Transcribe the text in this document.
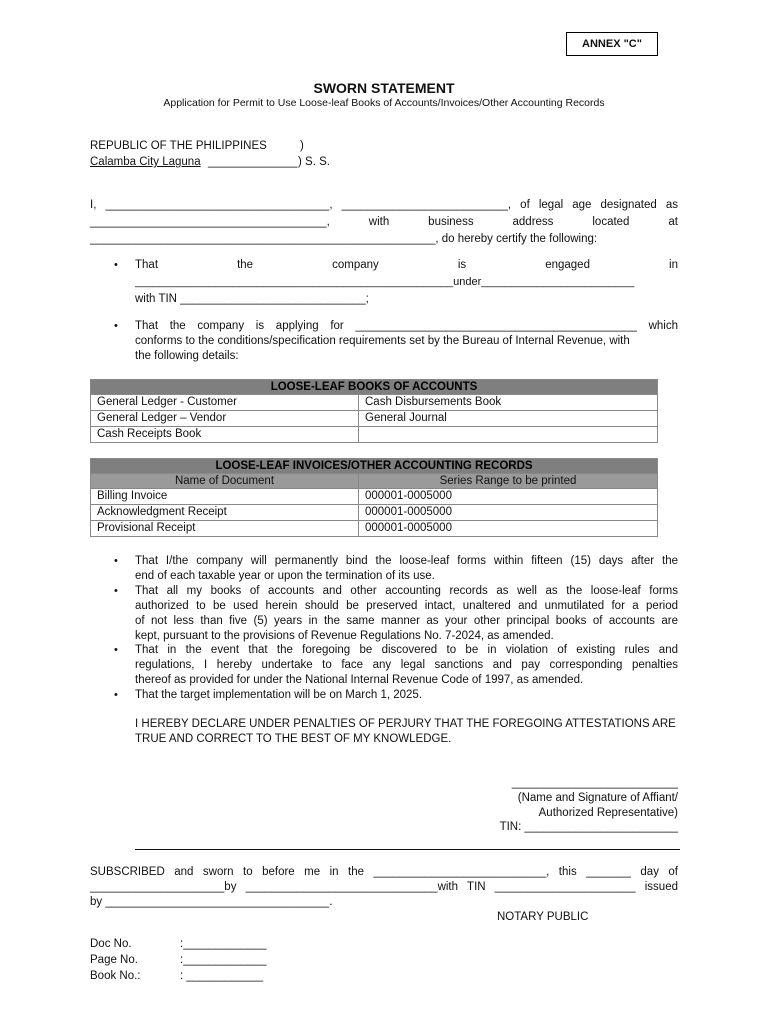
ANNEX "C"
SWORN STATEMENT
Application for Permit to Use Loose-leaf Books of Accounts/Invoices/Other Accounting Records
REPUBLIC OF THE PHILIPPINES	)
Calamba City Laguna ______________ ) S. S.
I, ___________________________________, __________________________, of legal age designated as
_____________________________________, with business address located at
______________________________________________________, do hereby certify the following:
• That the company is engaged in
____________________________________________________under_________________________
with TIN _____________________________;
• That the company is applying for ____________________________________________ which
conforms to the conditions/specification requirements set by the Bureau of Internal Revenue, with
the following details:
LOOSE-LEAF BOOKS OF ACCOUNTS	
General Ledger - Customer	Cash Disbursements Book
General Ledger – Vendor	General Journal
Cash Receipts Book	
LOOSE-LEAF INVOICES/OTHER ACCOUNTING RECORDS	
Name of Document	Series Range to be printed
Billing Invoice	000001-0005000
Acknowledgment Receipt	000001-0005000
Provisional Receipt	000001-0005000
• That I/the company will permanently bind the loose-leaf forms within fifteen (15) days after the
end of each taxable year or upon the termination of its use.
• That all my books of accounts and other accounting records as well as the loose-leaf forms
authorized to be used herein should be preserved intact, unaltered and unmutilated for a period
of not less than five (5) years in the same manner as your other principal books of accounts are
kept, pursuant to the provisions of Revenue Regulations No. 7-2024, as amended.
• That in the event that the foregoing be discovered to be in violation of existing rules and
regulations, I hereby undertake to face any legal sanctions and pay corresponding penalties
thereof as provided for under the National Internal Revenue Code of 1997, as amended.
• That the target implementation will be on March 1, 2025.
I HEREBY DECLARE UNDER PENALTIES OF PERJURY THAT THE FOREGOING ATTESTATIONS ARE
TRUE AND CORRECT TO THE BEST OF MY KNOWLEDGE.
__________________________
(Name and Signature of Affiant/
Authorized Representative)
TIN: ________________________
SUBSCRIBED and sworn to before me in the ___________________________, this _______ day of
_____________________by ______________________________with TIN ______________________ issued
by ___________________________________.
NOTARY PUBLIC
Doc No.	:_____________
Page No.	:_____________
Book No.:	: ____________
